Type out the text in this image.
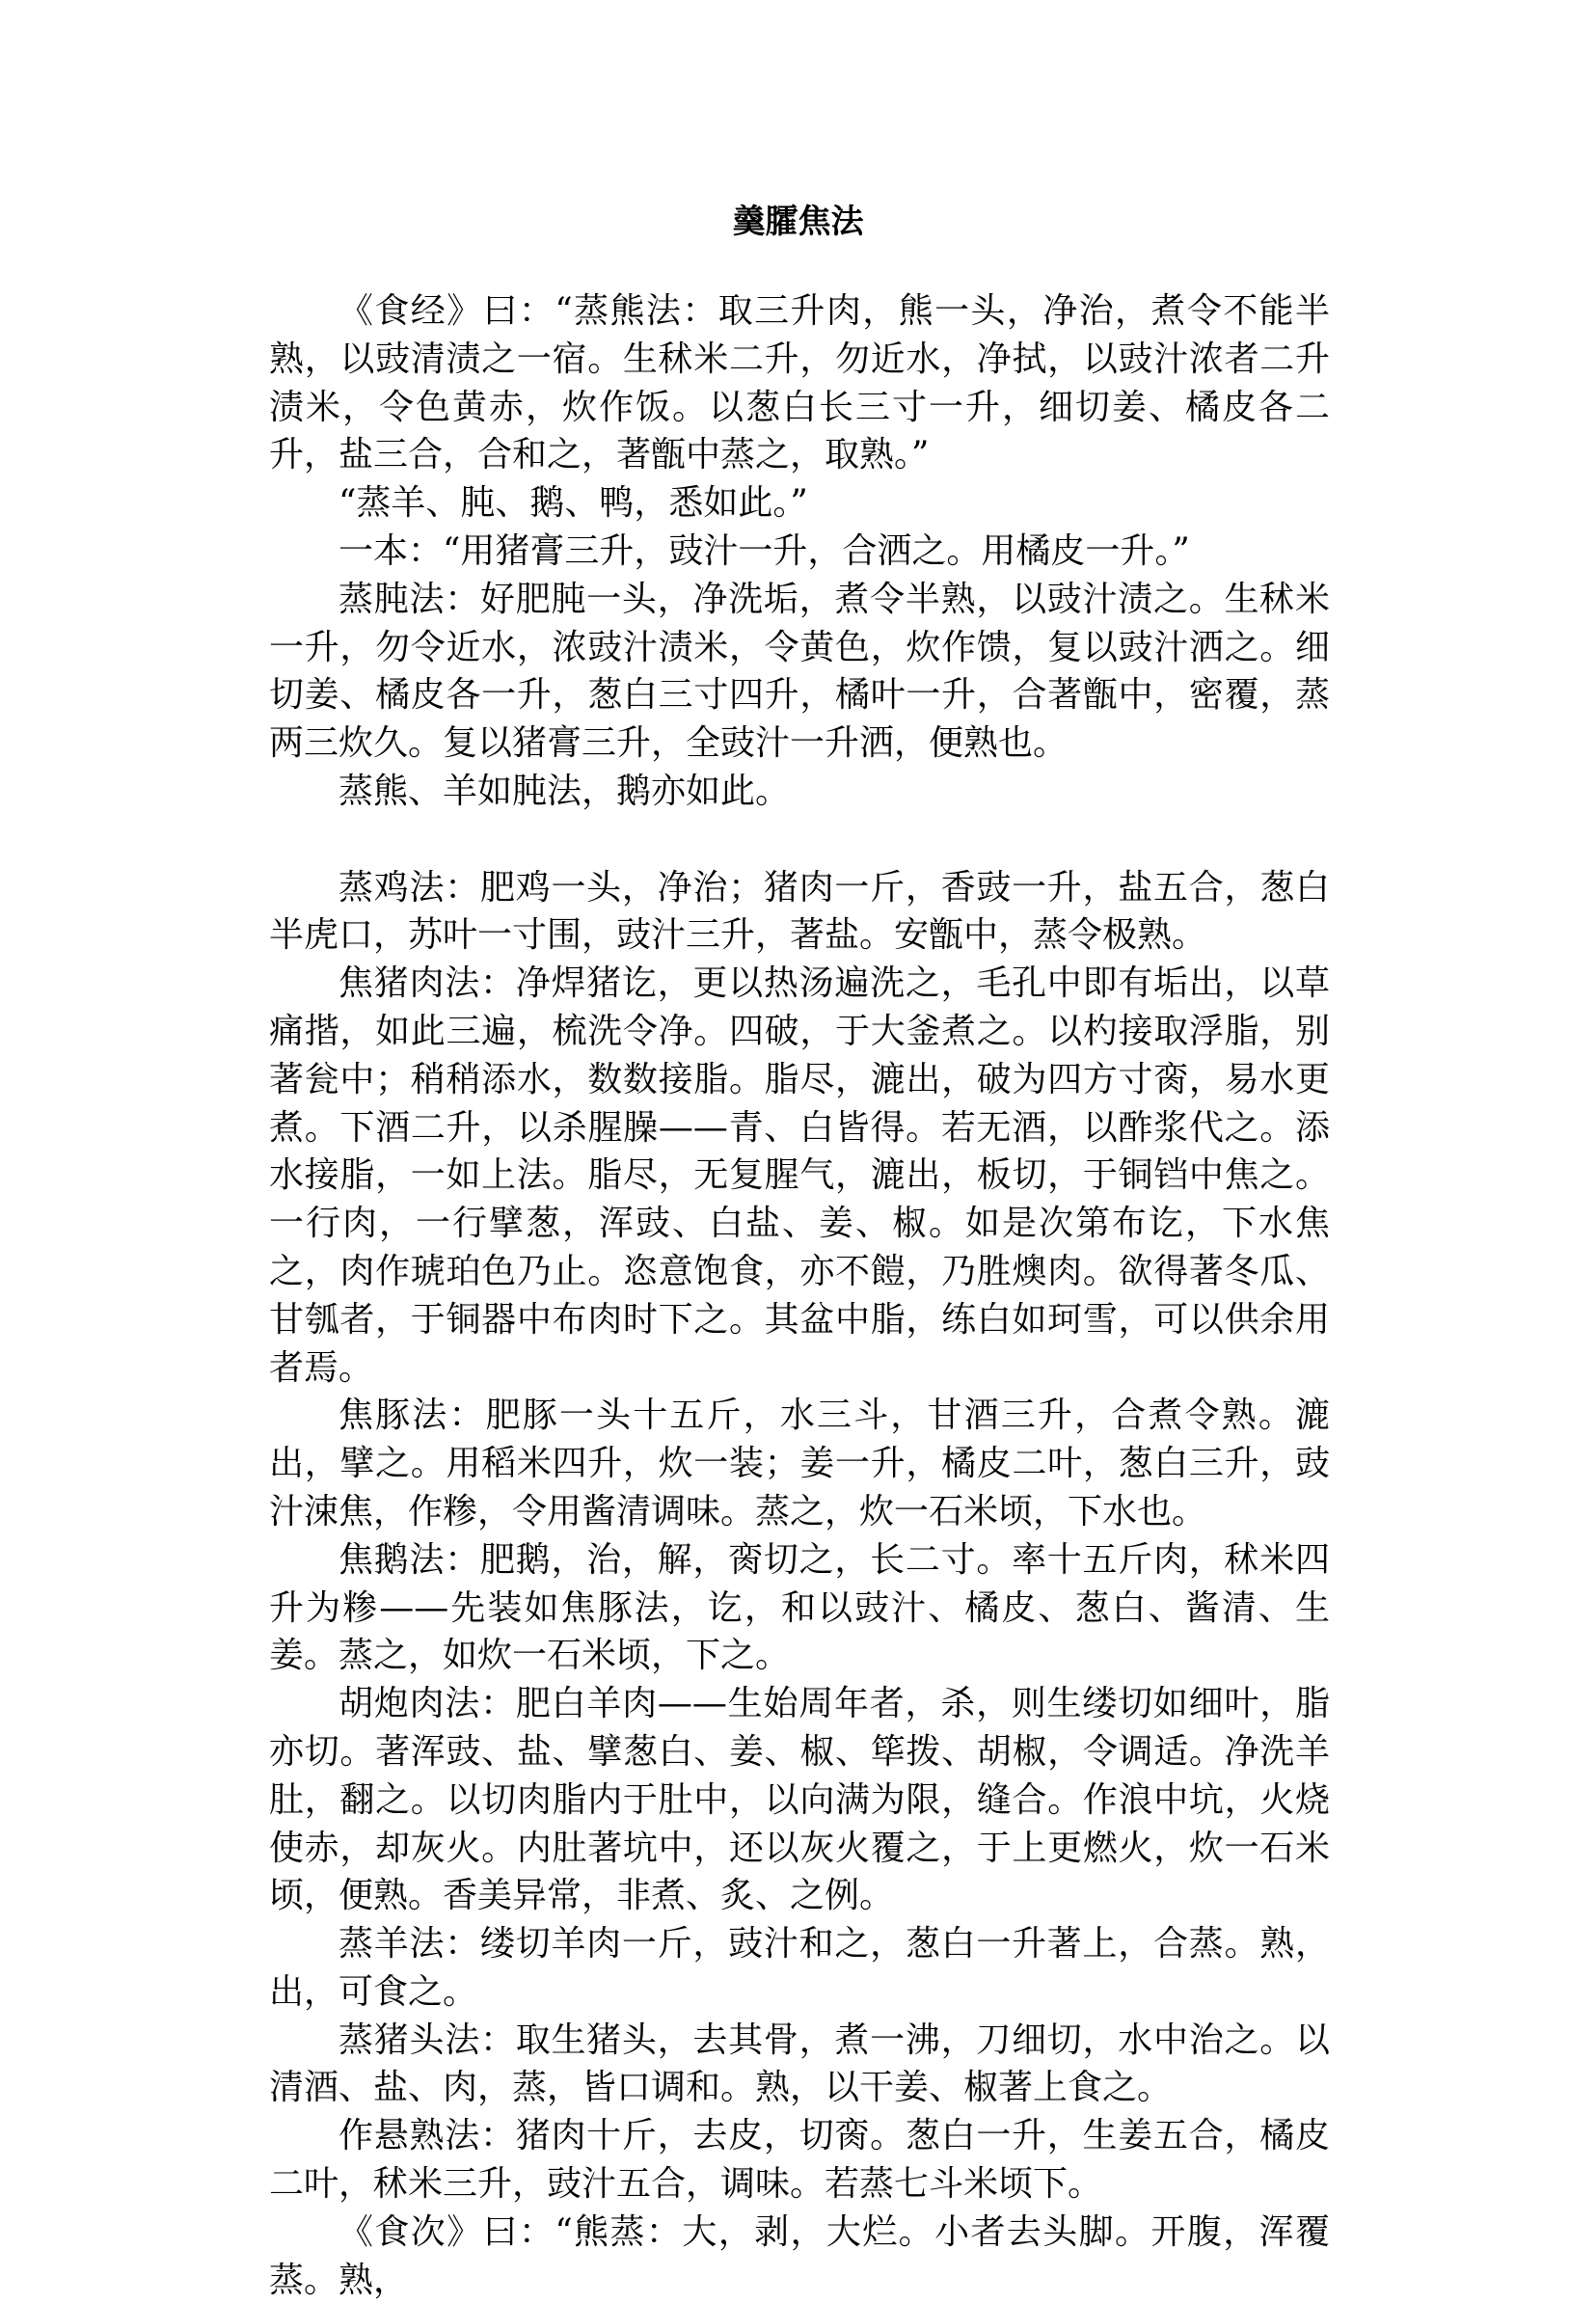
羹臛焦法

《食经》曰：“蒸熊法：取三升肉，熊一头，净治，煮令不能半熟，以豉清渍之一宿。生秫米二升，勿近水，净拭，以豉汁浓者二升渍米，令色黄赤，炊作饭。以葱白长三寸一升，细切姜、橘皮各二升，盐三合，合和之，著甑中蒸之，取熟。”

“蒸羊、肫、鹅、鸭，悉如此。”

一本：“用猪膏三升，豉汁一升，合洒之。用橘皮一升。”

蒸肫法：好肥肫一头，净洗垢，煮令半熟，以豉汁渍之。生秫米一升，勿令近水，浓豉汁渍米，令黄色，炊作馈，复以豉汁洒之。细切姜、橘皮各一升，葱白三寸四升，橘叶一升，合著甑中，密覆，蒸两三炊久。复以猪膏三升，全豉汁一升洒，便熟也。

蒸熊、羊如肫法，鹅亦如此。

蒸鸡法：肥鸡一头，净治；猪肉一斤，香豉一升，盐五合，葱白半虎口，苏叶一寸围，豉汁三升，著盐。安甑中，蒸令极熟。

焦猪肉法：净焊猪讫，更以热汤遍洗之，毛孔中即有垢出，以草痛揩，如此三遍，梳洗令净。四破，于大釜煮之。以杓接取浮脂，别著瓮中；稍稍添水，数数接脂。脂尽，漉出，破为四方寸脔，易水更煮。下酒二升，以杀腥臊——青、白皆得。若无酒，以酢浆代之。添水接脂，一如上法。脂尽，无复腥气，漉出，板切，于铜铛中焦之。一行肉，一行擘葱，浑豉、白盐、姜、椒。如是次第布讫，下水焦之，肉作琥珀色乃止。恣意饱食，亦不䭓，乃胜燠肉。欲得著冬瓜、甘瓠者，于铜器中布肉时下之。其盆中脂，练白如珂雪，可以供余用者焉。

焦豚法：肥豚一头十五斤，水三斗，甘酒三升，合煮令熟。漉出，擘之。用稻米四升，炊一装；姜一升，橘皮二叶，葱白三升，豉汁涑焦，作糁，令用酱清调味。蒸之，炊一石米顷，下水也。

焦鹅法：肥鹅，治，解，脔切之，长二寸。率十五斤肉，秫米四升为糁——先装如焦豚法，讫，和以豉汁、橘皮、葱白、酱清、生姜。蒸之，如炊一石米顷，下之。

胡炮肉法：肥白羊肉——生始周年者，杀，则生缕切如细叶，脂亦切。著浑豉、盐、擘葱白、姜、椒、筚拨、胡椒，令调适。净洗羊肚，翻之。以切肉脂内于肚中，以向满为限，缝合。作浪中坑，火烧使赤，却灰火。内肚著坑中，还以灰火覆之，于上更燃火，炊一石米顷，便熟。香美异常，非煮、炙、之例。

蒸羊法：缕切羊肉一斤，豉汁和之，葱白一升著上，合蒸。熟，出，可食之。

蒸猪头法：取生猪头，去其骨，煮一沸，刀细切，水中治之。以清酒、盐、肉，蒸，皆口调和。熟，以干姜、椒著上食之。

作悬熟法：猪肉十斤，去皮，切脔。葱白一升，生姜五合，橘皮二叶，秫米三升，豉汁五合，调味。若蒸七斗米顷下。

《食次》曰：“熊蒸：大，剥，大烂。小者去头脚。开腹，浑覆蒸。熟，
